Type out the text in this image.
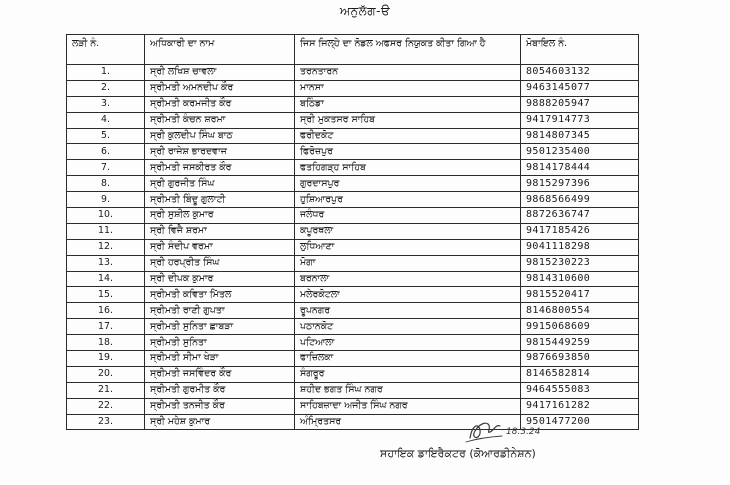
ਅਨੁਲੱਗ-ੳ
ਲੜੀ ਨੰ.	ਅਧਿਕਾਰੀ ਦਾ ਨਾਮ	ਜਿਸ ਜਿਲ੍ਹੇ ਦਾ ਨੋਡਲ ਅਫਸਰ ਨਿਯੁਕਤ ਕੀਤਾ ਗਿਆ ਹੈ	ਮੋਬਾਇਲ ਨੰ.
1.	ਸ੍ਰੀ ਲਖਿਸ਼ ਚਾਵਲਾ	ਤਰਨਤਾਰਨ	8054603132
2.	ਸ੍ਰੀਮਤੀ ਅਮਨਦੀਪ ਕੌਰ	ਮਾਨਸਾ	9463145077
3.	ਸ੍ਰੀਮਤੀ ਕਰਮਜੀਤ ਕੌਰ	ਬਠਿੰਡਾ	9888205947
4.	ਸ੍ਰੀਮਤੀ ਕੰਚਨ ਸ਼ਰਮਾ	ਸ੍ਰੀ ਮੁਕਤਸਰ ਸਾਹਿਬ	9417914773
5.	ਸ੍ਰੀ ਕੁਲਦੀਪ ਸਿੰਘ ਬਾਠ	ਫਰੀਦਕੋਟ	9814807345
6.	ਸ੍ਰੀ ਰਾਜੇਸ਼ ਭਾਰਦਵਾਜ	ਫਿਰੋਜ਼ਪੁਰ	9501235400
7.	ਸ੍ਰੀਮਤੀ ਜਸਕੀਰਤ ਕੌਰ	ਫਤਹਿਗੜ੍ਹ ਸਾਹਿਬ	9814178444
8.	ਸ੍ਰੀ ਗੁਰਜੀਤ ਸਿੰਘ	ਗੁਰਦਾਸਪੁਰ	9815297396
9.	ਸ੍ਰੀਮਤੀ ਬਿੰਦੂ ਗੁਲਾਟੀ	ਹੁਸ਼ਿਆਰਪੁਰ	9868566499
10.	ਸ੍ਰੀ ਸੁਸ਼ੀਲ ਕੁਮਾਰ	ਜਲੰਧਰ	8872636747
11.	ਸ੍ਰੀ ਵਿਜੈ ਸ਼ਰਮਾ	ਕਪੂਰਥਲਾ	9417185426
12.	ਸ੍ਰੀ ਸੰਦੀਪ ਵਰਮਾ	ਲੁਧਿਆਣਾ	9041118298
13.	ਸ੍ਰੀ ਹਰਪ੍ਰੀਤ ਸਿੰਘ	ਮੋਗਾ	9815230223
14.	ਸ੍ਰੀ ਦੀਪਕ ਕੁਮਾਰ	ਬਰਨਾਲਾ	9814310600
15.	ਸ੍ਰੀਮਤੀ ਕਵਿਤਾ ਮਿੱਤਲ	ਮਲੇਰਕੋਟਲਾ	9815520417
16.	ਸ੍ਰੀਮਤੀ ਰਾਣੀ ਗੁਪਤਾ	ਰੂਪਨਗਰ	8146800554
17.	ਸ੍ਰੀਮਤੀ ਸੁਨਿਤਾ ਛਾਬੜਾ	ਪਠਾਨਕੋਟ	9915068609
18.	ਸ੍ਰੀਮਤੀ ਸੁਨਿਤਾ	ਪਟਿਆਲਾ	9815449259
19.	ਸ੍ਰੀਮਤੀ ਸੀਮਾ ਖੇੜਾ	ਫਾਜ਼ਿਲਕਾ	9876693850
20.	ਸ੍ਰੀਮਤੀ ਜਸਵਿੰਦਰ ਕੌਰ	ਸੰਗਰੂਰ	8146582814
21.	ਸ੍ਰੀਮਤੀ ਗੁਰਮੀਤ ਕੌਰ	ਸ਼ਹੀਦ ਭਗਤ ਸਿੰਘ ਨਗਰ	9464555083
22.	ਸ੍ਰੀਮਤੀ ਤਨਜੀਤ ਕੌਰ	ਸਾਹਿਬਜ਼ਾਦਾ ਅਜੀਤ ਸਿੰਘ ਨਗਰ	9417161282
23.	ਸ੍ਰੀ ਮਹੇਸ਼ ਕੁਮਾਰ	ਅੰਮ੍ਰਿਤਸਰ	9501477200
18.3.24
ਸਹਾਇਕ ਡਾਇਰੈਕਟਰ (ਕੋਆਰਡੀਨੇਸ਼ਨ)
